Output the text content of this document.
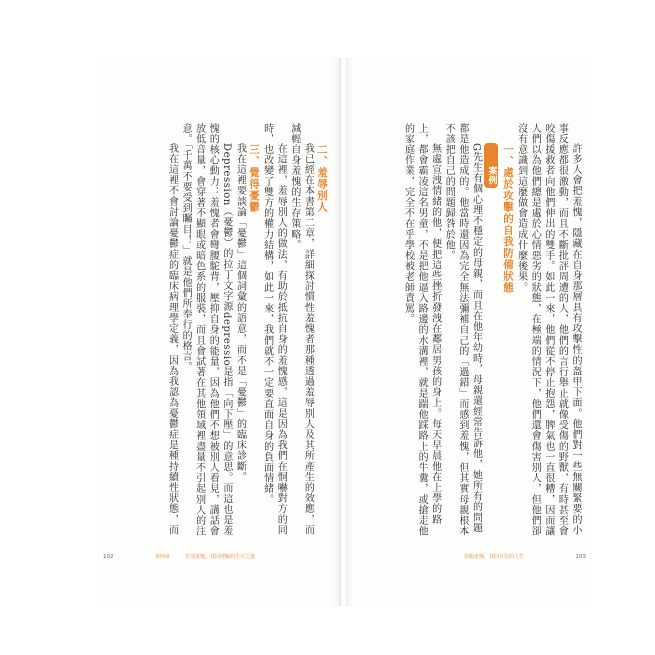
二、羞辱別人

我已經在本書第二章，詳細探討慣性羞愧者那種透過羞辱別人及其所產生的效應，而減輕自身羞愧的生存策略。

在這裡，羞辱別人的做法，有助於抵抗自身的羞愧感，這是因為我們在恫嚇對方的同時，也改變了雙方的權力結構，如此一來，我們就不一定要直面自身的負面情緒。

三、覺得憂鬱

我在這裡要談論「憂鬱」這個詞彙的語意，而不是「憂鬱」的臨床診斷。

Depression（憂鬱）的拉丁文字源depressio是指「向下壓」的意思。而這也是羞愧的核心動力：羞愧者會彎腰駝背，壓抑自身的能量，因為他們不想被別人看見，講話會放低音量，會穿著不顯眼或暗色系的服裝，而且會試著在其他領域裡盡量不引起別人的注意。「千萬不要受到矚目！」就是他們所奉行的格言。

我在這裡不會討論憂鬱症的臨床病理學定義，因為我認為憂鬱症是種持續性狀態，而

102	第四章	告別羞愧，找回理解的生存之道

許多人會把羞愧，隱藏在自身那層具有攻擊性的盔甲下面。他們對一些無關緊要的小事反應都很激動，而且不斷批評周遭的人，他們的言行舉止就像受傷的野獸，有時甚至會咬傷援救者向他們伸出的雙手。如此一來，他們從不停止抱怨，脾氣也一直很糟，因而讓人們以為他們總是處於心情惡劣的狀態，在極端的情況下，他們還會傷害別人，但他們卻沒有意識到這麼做會造成什麼後果。

一、處於攻擊的自我防備狀態

案例

G先生有個心理不穩定的母親，而且在他年幼時，母親還經常告訴他，她所有的問題都是他造成的。他當時還因為完全無法彌補自己的「過錯」而感到羞愧，但其實母親根本不該把自己的問題歸咎於他。

無處宣洩情緒的他，便把這些挫折發洩在鄰居男孩的身上。每天早晨他在上學的路上，都會霸凌這名男童，不是把他逼入路邊的水溝裡，就是踹他踩路上的牛糞，或搶走他的家庭作業，完全不在乎學校被老師責罵。

征服羞愧，找回自信的人生	103
